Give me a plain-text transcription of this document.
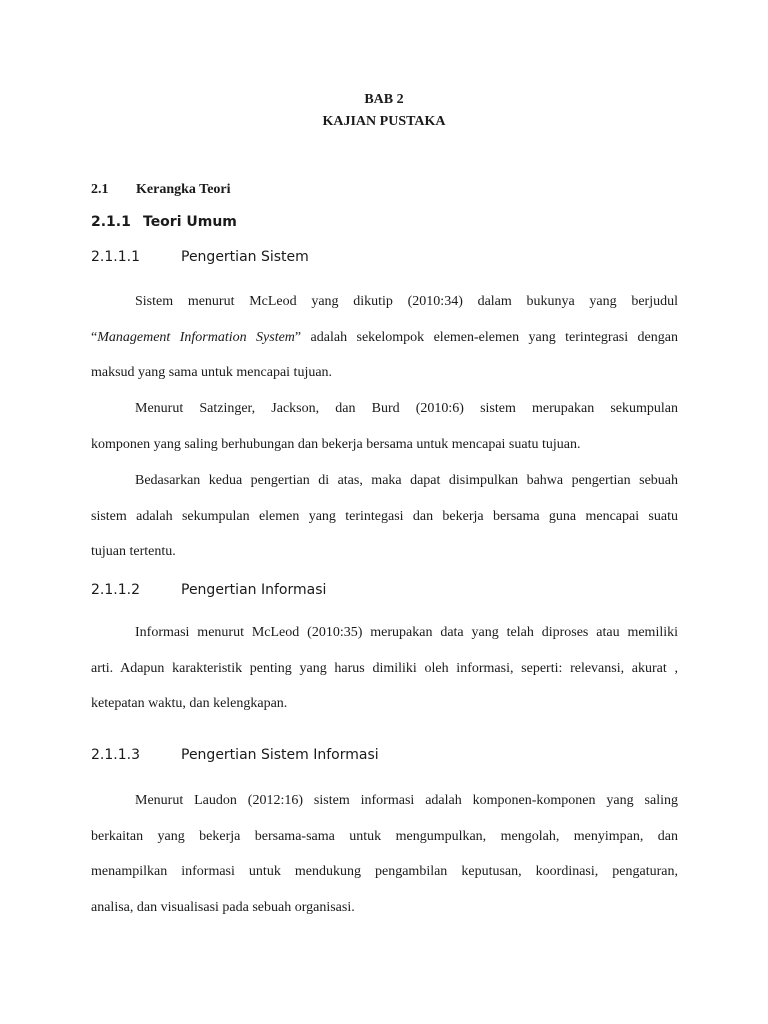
BAB 2
KAJIAN PUSTAKA
2.1 Kerangka Teori
2.1.1 Teori Umum
2.1.1.1	Pengertian Sistem
Sistem menurut McLeod yang dikutip (2010:34) dalam bukunya yang berjudul
“Management Information System” adalah sekelompok elemen-elemen yang terintegrasi dengan
maksud yang sama untuk mencapai tujuan.
Menurut Satzinger, Jackson, dan Burd (2010:6) sistem merupakan sekumpulan
komponen yang saling berhubungan dan bekerja bersama untuk mencapai suatu tujuan.
Bedasarkan kedua pengertian di atas, maka dapat disimpulkan bahwa pengertian sebuah
sistem adalah sekumpulan elemen yang terintegasi dan bekerja bersama guna mencapai suatu
tujuan tertentu.
2.1.1.2	Pengertian Informasi
Informasi menurut McLeod (2010:35) merupakan data yang telah diproses atau memiliki
arti. Adapun karakteristik penting yang harus dimiliki oleh informasi, seperti: relevansi, akurat ,
ketepatan waktu, dan kelengkapan.
2.1.1.3	Pengertian Sistem Informasi
Menurut Laudon (2012:16) sistem informasi adalah komponen-komponen yang saling
berkaitan yang bekerja bersama-sama untuk mengumpulkan, mengolah, menyimpan, dan
menampilkan informasi untuk mendukung pengambilan keputusan, koordinasi, pengaturan,
analisa, dan visualisasi pada sebuah organisasi.
